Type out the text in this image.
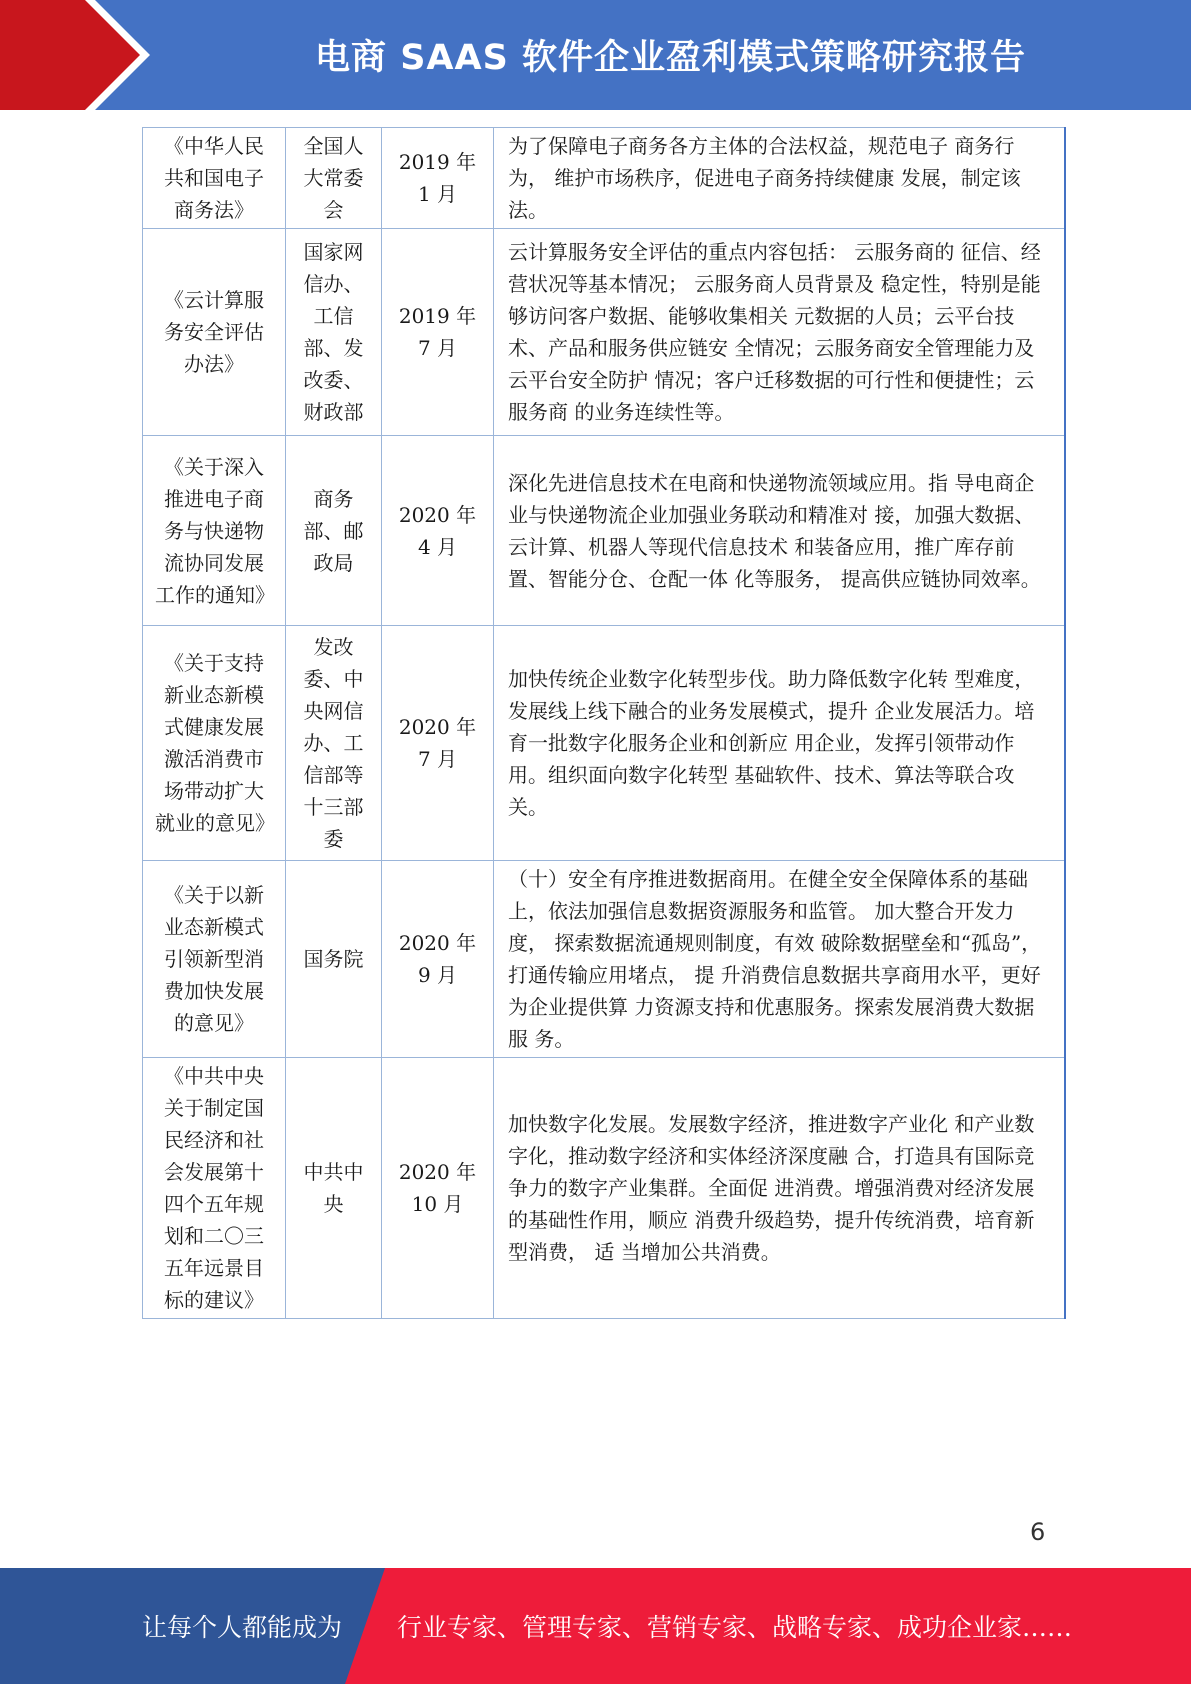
电商 SAAS 软件企业盈利模式策略研究报告
《中华人民共和国电子商务法》	全国人大常委会	2019 年 1 月	为了保障电子商务各方主体的合法权益，规范电子 商务行为， 维护市场秩序，促进电子商务持续健康 发展，制定该法。
《云计算服务安全评估办法》	国家网信办、工信部、发改委、财政部	2019 年 7 月	云计算服务安全评估的重点内容包括： 云服务商的 征信、经营状况等基本情况； 云服务商人员背景及 稳定性，特别是能够访问客户数据、能够收集相关 元数据的人员；云平台技术、产品和服务供应链安 全情况；云服务商安全管理能力及云平台安全防护 情况；客户迁移数据的可行性和便捷性；云服务商 的业务连续性等。
《关于深入推进电子商务与快递物流协同发展工作的通知》	商务部、邮政局	2020 年 4 月	深化先进信息技术在电商和快递物流领域应用。指 导电商企业与快递物流企业加强业务联动和精准对 接，加强大数据、云计算、机器人等现代信息技术 和装备应用，推广库存前置、智能分仓、仓配一体 化等服务， 提高供应链协同效率。
《关于支持新业态新模式健康发展激活消费市场带动扩大就业的意见》	发改委、中央网信办、工信部等十三部委	2020 年 7 月	加快传统企业数字化转型步伐。助力降低数字化转 型难度，发展线上线下融合的业务发展模式，提升 企业发展活力。培育一批数字化服务企业和创新应 用企业，发挥引领带动作用。组织面向数字化转型 基础软件、技术、算法等联合攻关。
《关于以新业态新模式引领新型消费加快发展的意见》	国务院	2020 年 9 月	（十）安全有序推进数据商用。在健全安全保障体系的基础上，依法加强信息数据资源服务和监管。 加大整合开发力度， 探索数据流通规则制度，有效 破除数据壁垒和“孤岛”，打通传输应用堵点， 提 升消费信息数据共享商用水平，更好为企业提供算 力资源支持和优惠服务。探索发展消费大数据服 务。
《中共中央关于制定国民经济和社会发展第十四个五年规划和二〇三五年远景目标的建议》	中共中央	2020 年 10 月	加快数字化发展。发展数字经济，推进数字产业化 和产业数字化，推动数字经济和实体经济深度融 合，打造具有国际竞争力的数字产业集群。全面促 进消费。增强消费对经济发展的基础性作用，顺应 消费升级趋势，提升传统消费，培育新型消费， 适 当增加公共消费。
6
让每个人都能成为 行业专家、管理专家、营销专家、战略专家、成功企业家……
